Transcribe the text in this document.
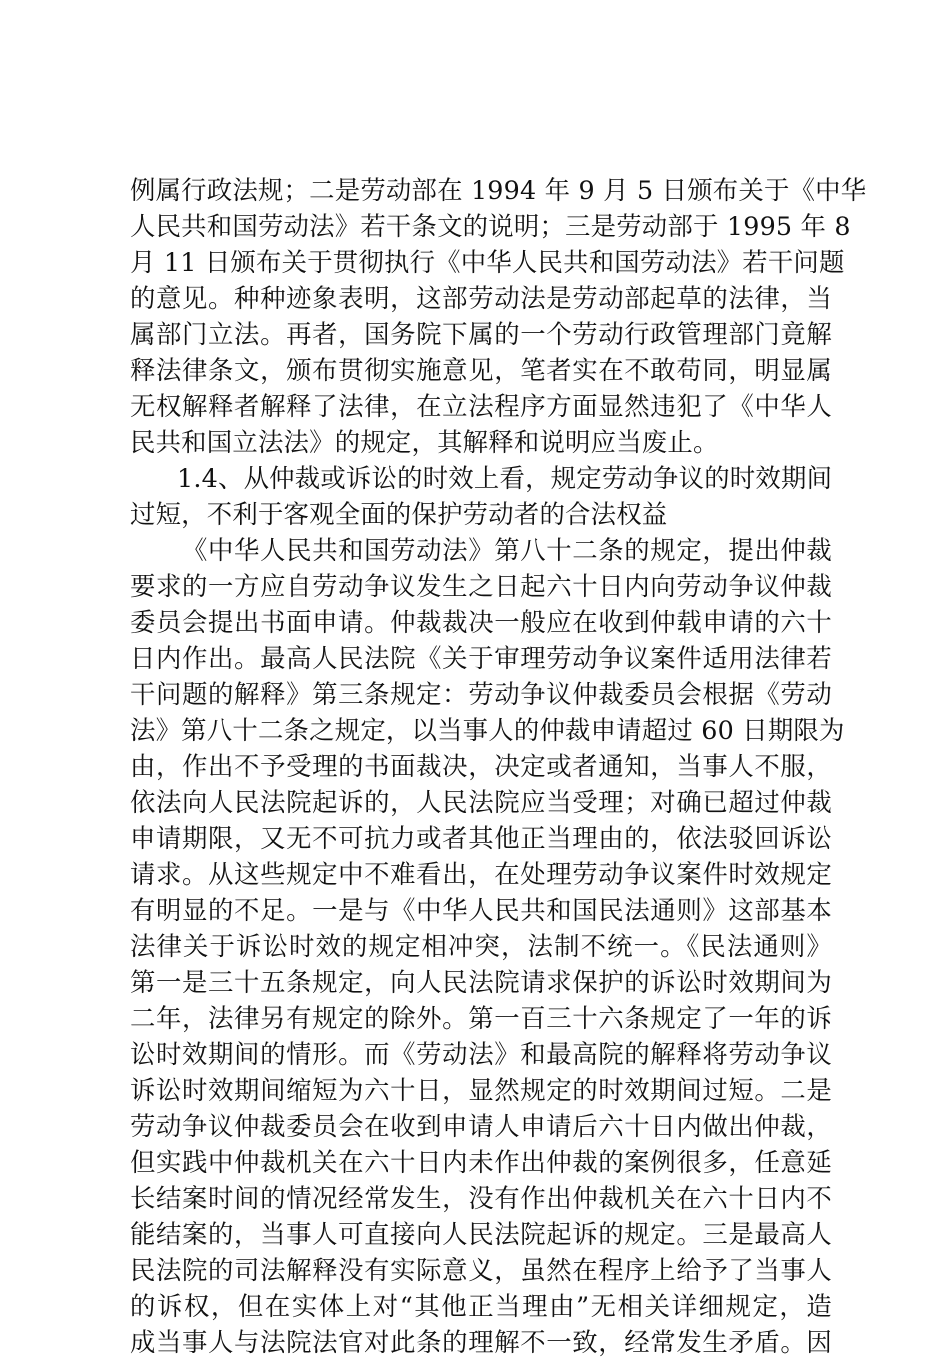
例属行政法规；二是劳动部在 1994 年 9 月 5 日颁布关于《中华

人民共和国劳动法》若干条文的说明；三是劳动部于 1995 年 8

月 11 日颁布关于贯彻执行《中华人民共和国劳动法》若干问题

的意见。种种迹象表明，这部劳动法是劳动部起草的法律，当

属部门立法。再者，国务院下属的一个劳动行政管理部门竟解

释法律条文，颁布贯彻实施意见，笔者实在不敢苟同，明显属

无权解释者解释了法律，在立法程序方面显然违犯了《中华人

民共和国立法法》的规定，其解释和说明应当废止。

1.4、从仲裁或诉讼的时效上看，规定劳动争议的时效期间

过短，不利于客观全面的保护劳动者的合法权益

《中华人民共和国劳动法》第八十二条的规定，提出仲裁

要求的一方应自劳动争议发生之日起六十日内向劳动争议仲裁

委员会提出书面申请。仲裁裁决一般应在收到仲载申请的六十

日内作出。最高人民法院《关于审理劳动争议案件适用法律若

干问题的解释》第三条规定：劳动争议仲裁委员会根据《劳动

法》第八十二条之规定，以当事人的仲裁申请超过 60 日期限为

由，作出不予受理的书面裁决，决定或者通知，当事人不服，

依法向人民法院起诉的，人民法院应当受理；对确已超过仲裁

申请期限，又无不可抗力或者其他正当理由的，依法驳回诉讼

请求。从这些规定中不难看出，在处理劳动争议案件时效规定

有明显的不足。一是与《中华人民共和国民法通则》这部基本

法律关于诉讼时效的规定相冲突，法制不统一。《民法通则》

第一是三十五条规定，向人民法院请求保护的诉讼时效期间为

二年，法律另有规定的除外。第一百三十六条规定了一年的诉

讼时效期间的情形。而《劳动法》和最高院的解释将劳动争议

诉讼时效期间缩短为六十日，显然规定的时效期间过短。二是

劳动争议仲裁委员会在收到申请人申请后六十日内做出仲裁，

但实践中仲裁机关在六十日内未作出仲裁的案例很多，任意延

长结案时间的情况经常发生，没有作出仲裁机关在六十日内不

能结案的，当事人可直接向人民法院起诉的规定。三是最高人

民法院的司法解释没有实际意义，虽然在程序上给予了当事人

的诉权，但在实体上对“其他正当理由”无相关详细规定，造

成当事人与法院法官对此条的理解不一致，经常发生矛盾。因
